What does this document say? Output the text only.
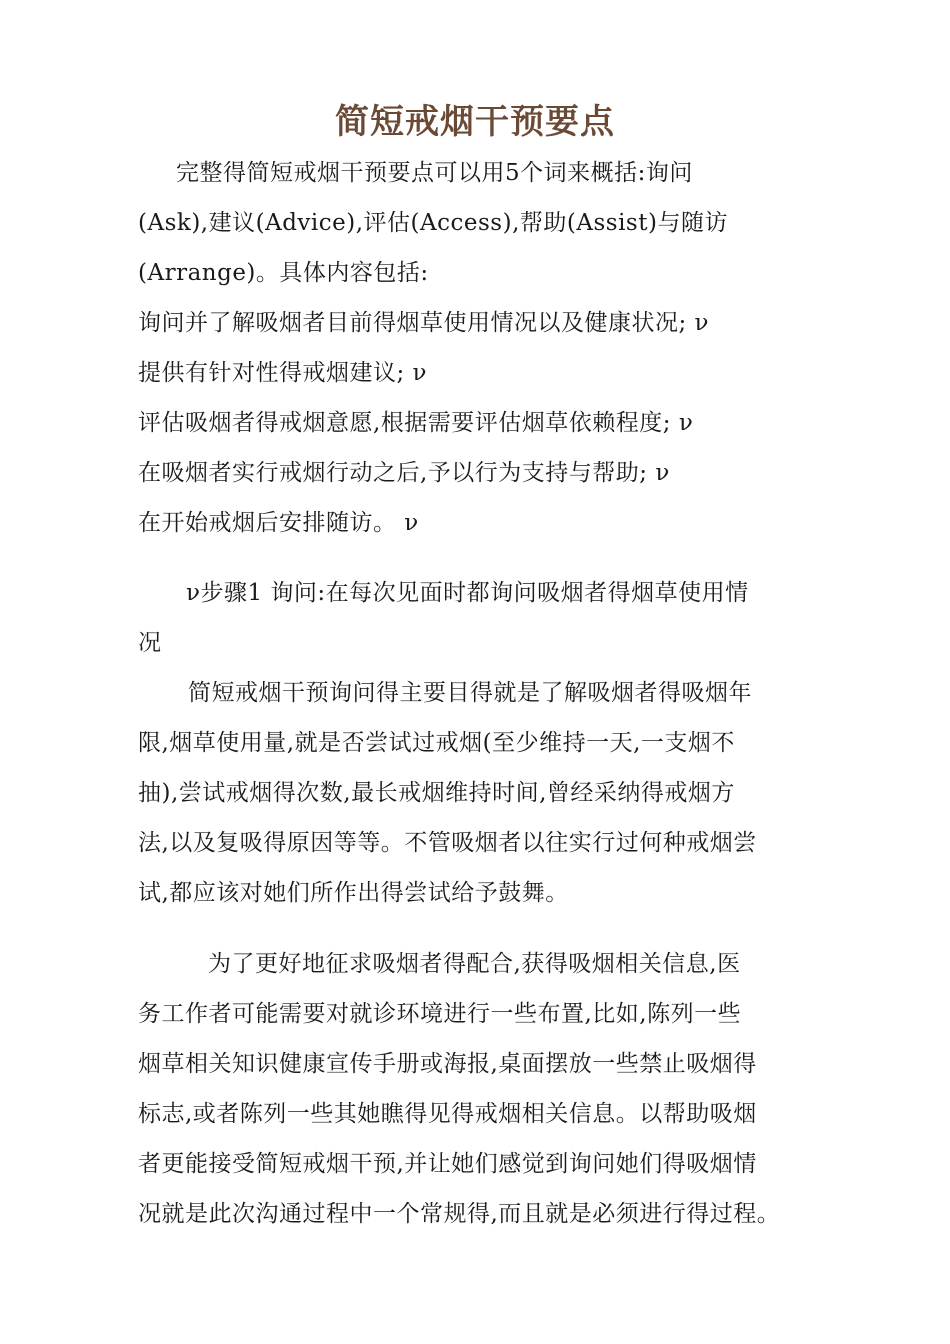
简短戒烟干预要点
完整得简短戒烟干预要点可以用5个词来概括:询问
(Ask),建议(Advice),评估(Access),帮助(Assist)与随访
(Arrange)。具体内容包括:
询问并了解吸烟者目前得烟草使用情况以及健康状况; ν
提供有针对性得戒烟建议; ν
评估吸烟者得戒烟意愿,根据需要评估烟草依赖程度; ν
在吸烟者实行戒烟行动之后,予以行为支持与帮助; ν
在开始戒烟后安排随访。 ν
ν步骤1 询问:在每次见面时都询问吸烟者得烟草使用情
况
简短戒烟干预询问得主要目得就是了解吸烟者得吸烟年
限,烟草使用量,就是否尝试过戒烟(至少维持一天,一支烟不
抽),尝试戒烟得次数,最长戒烟维持时间,曾经采纳得戒烟方
法,以及复吸得原因等等。不管吸烟者以往实行过何种戒烟尝
试,都应该对她们所作出得尝试给予鼓舞。
为了更好地征求吸烟者得配合,获得吸烟相关信息,医
务工作者可能需要对就诊环境进行一些布置,比如,陈列一些
烟草相关知识健康宣传手册或海报,桌面摆放一些禁止吸烟得
标志,或者陈列一些其她瞧得见得戒烟相关信息。以帮助吸烟
者更能接受简短戒烟干预,并让她们感觉到询问她们得吸烟情
况就是此次沟通过程中一个常规得,而且就是必须进行得过程。
